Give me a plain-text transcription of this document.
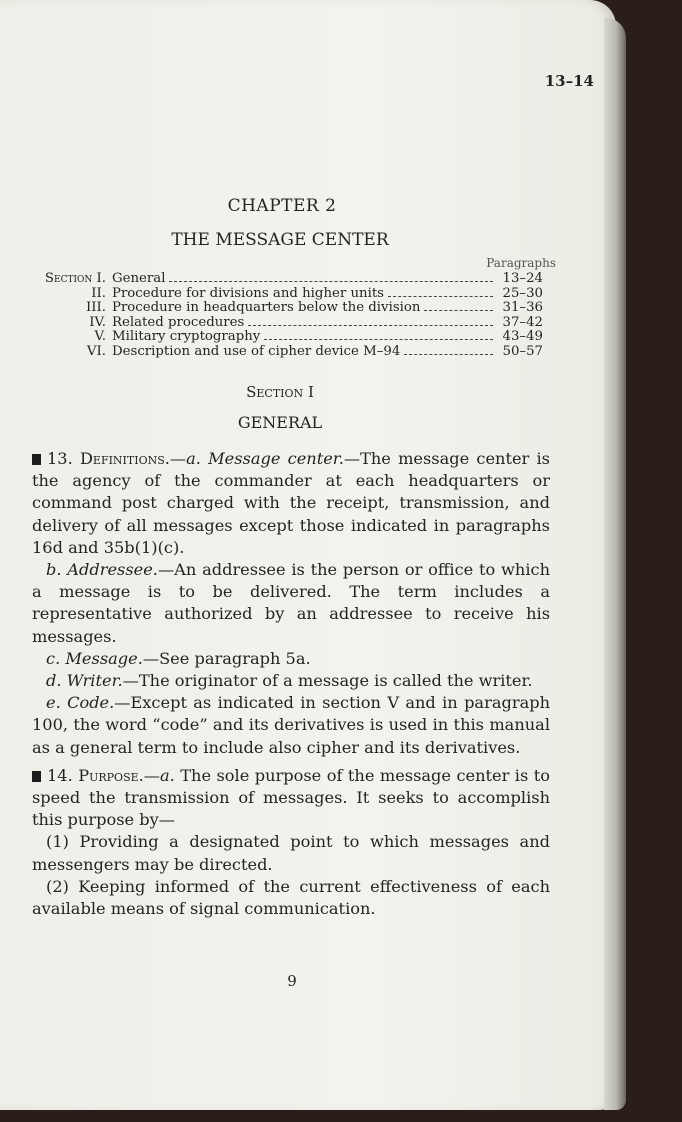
13–14
CHAPTER 2
THE MESSAGE CENTER
Paragraphs
Section I. General	13–24
II. Procedure for divisions and higher units	25–30
III. Procedure in headquarters below the division	31–36
IV. Related procedures	37–42
V. Military cryptography	43–49
VI. Description and use of cipher device M–94	50–57
Section I
GENERAL

13. Definitions.—a. Message center.—The message center is the agency of the commander at each headquarters or command post charged with the receipt, transmission, and delivery of all messages except those indicated in paragraphs 16d and 35b(1)(c).

b. Addressee.—An addressee is the person or office to which a message is to be delivered. The term includes a representative authorized by an addressee to receive his messages.

c. Message.—See paragraph 5a.

d. Writer.—The originator of a message is called the writer.

e. Code.—Except as indicated in section V and in paragraph 100, the word “code” and its derivatives is used in this manual as a general term to include also cipher and its derivatives.

14. Purpose.—a. The sole purpose of the message center is to speed the transmission of messages. It seeks to accomplish this purpose by—

(1) Providing a designated point to which messages and messengers may be directed.

(2) Keeping informed of the current effectiveness of each available means of signal communication.

9
